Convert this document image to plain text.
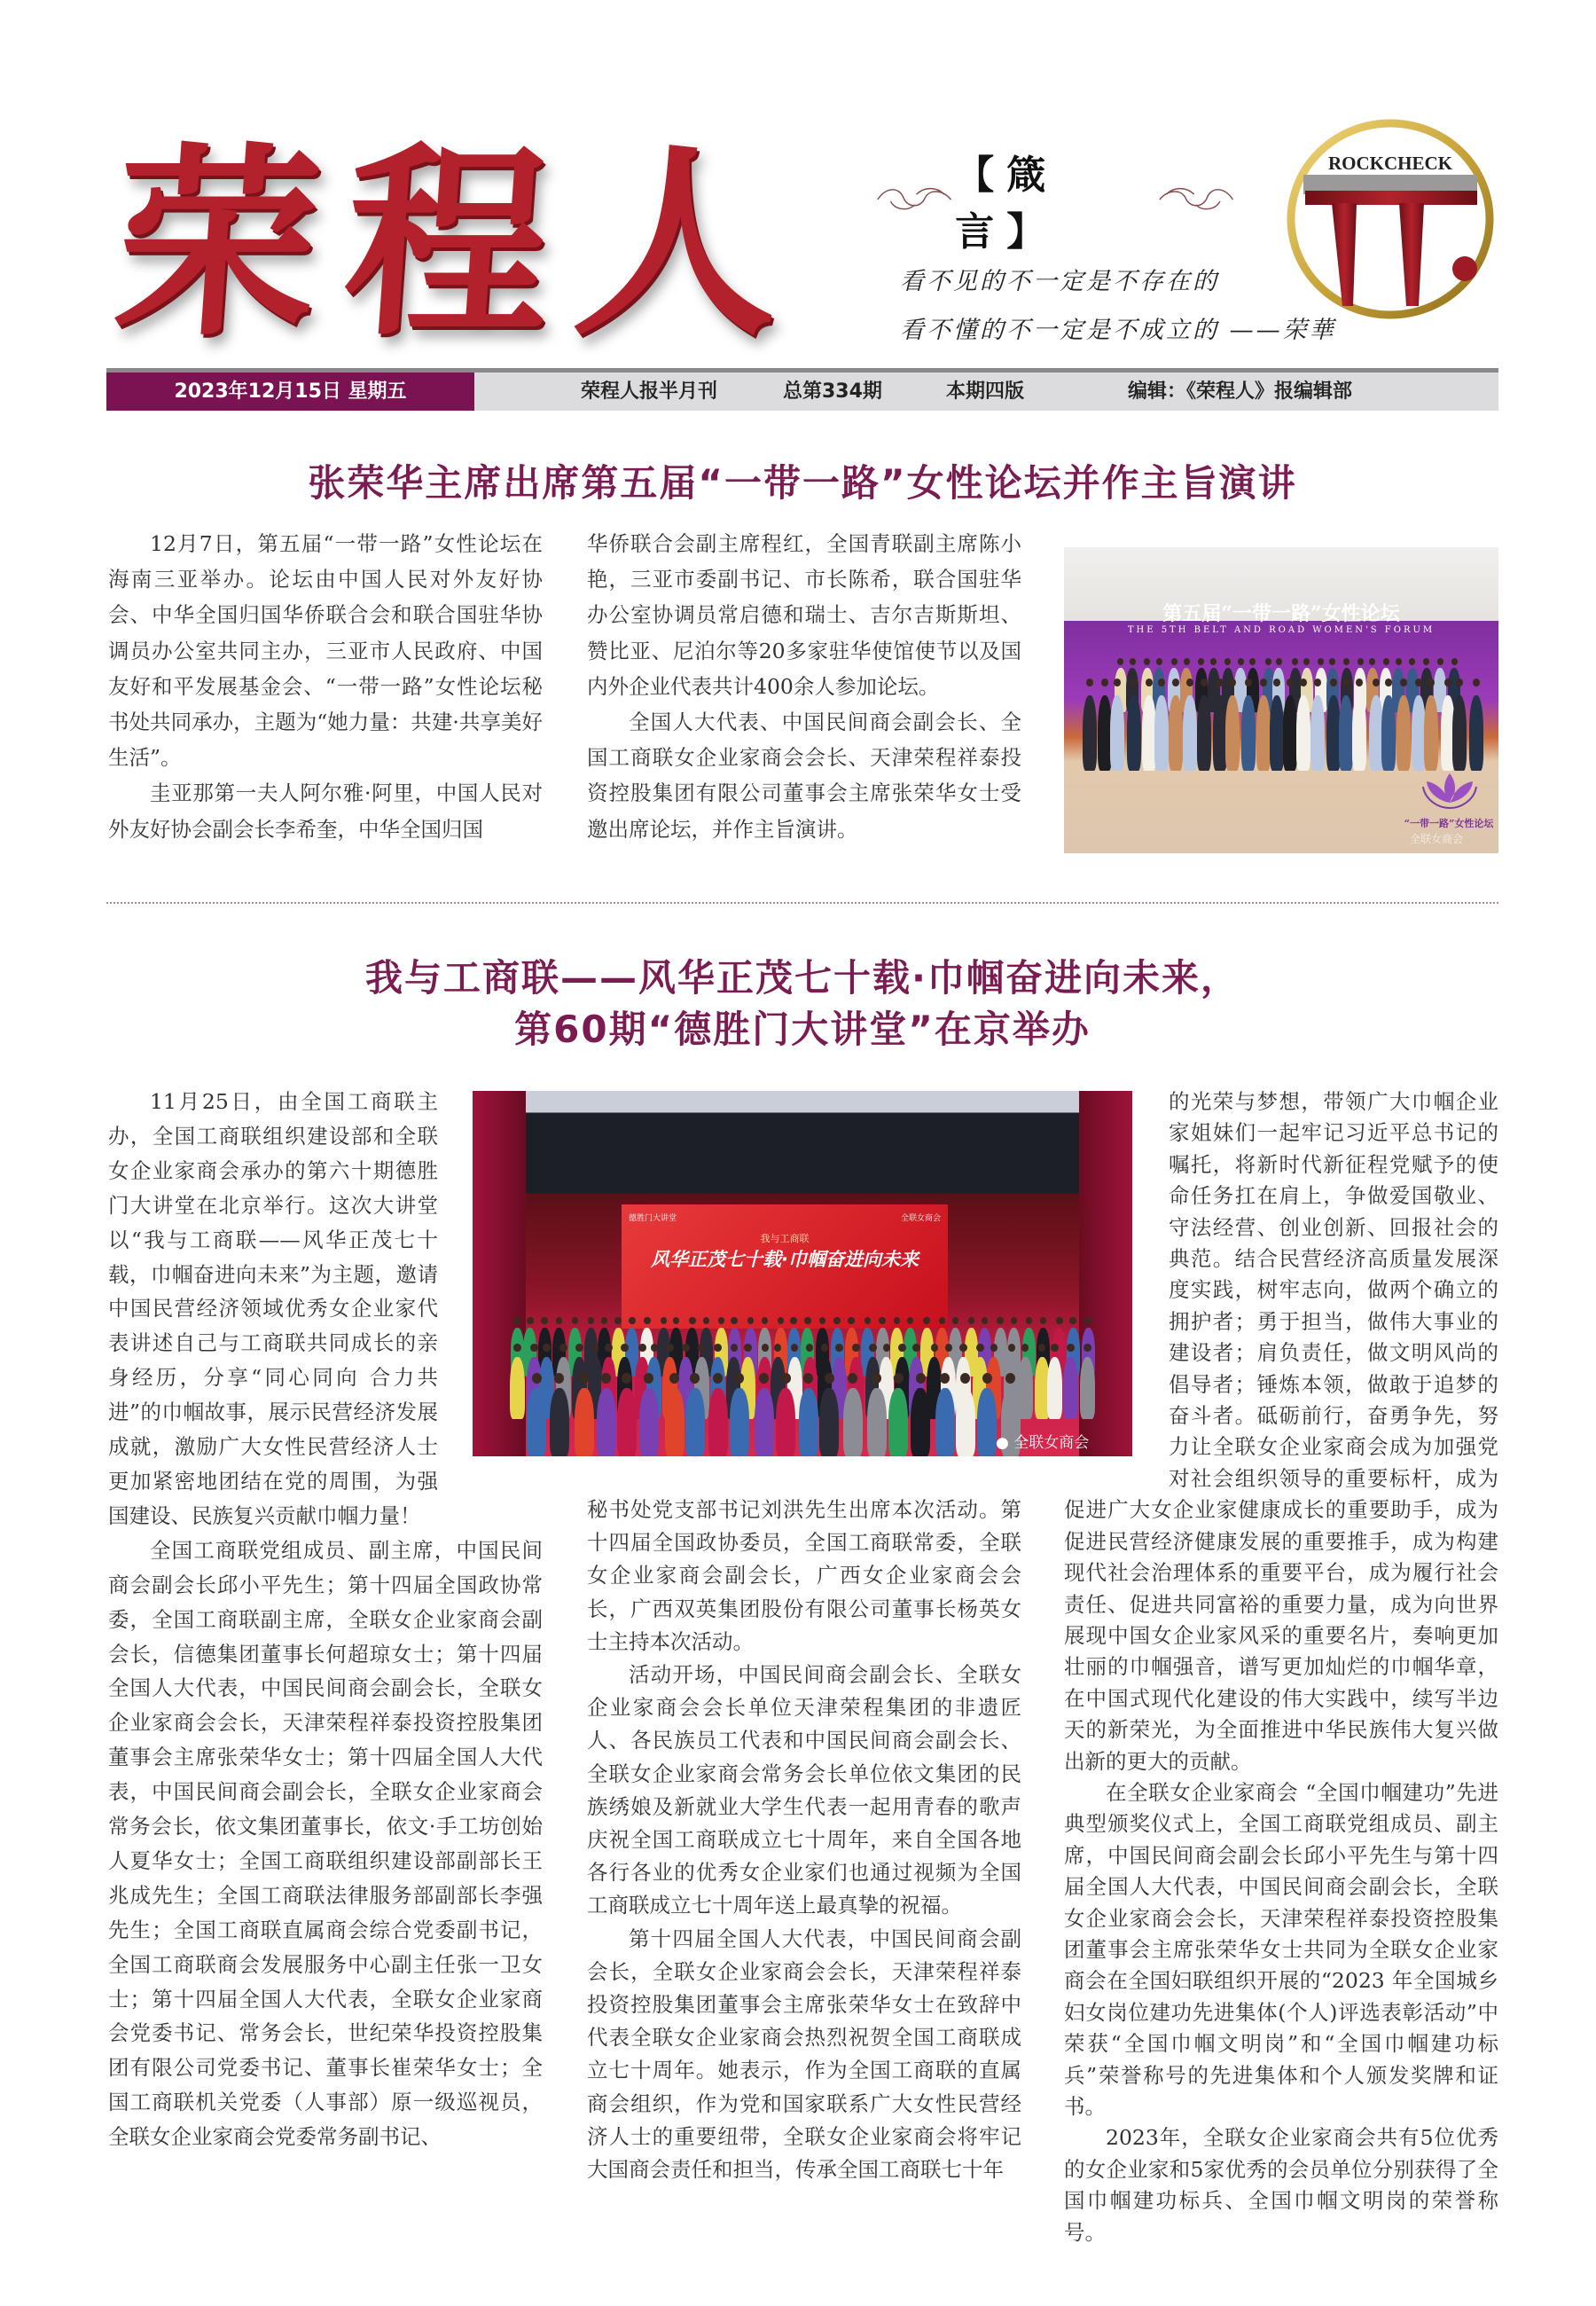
荣程人	【箴言】
看不见的不一定是不存在的
看不懂的不一定是不成立的 ——荣華
ROCKCHECK
2023年12月15日 星期五	荣程人报半月刊	总第334期	本期四版	编辑：《荣程人》报编辑部
张荣华主席出席第五届“一带一路”女性论坛并作主旨演讲

12月7日，第五届“一带一路”女性论坛在海南三亚举办。论坛由中国人民对外友好协会、中华全国归国华侨联合会和联合国驻华协调员办公室共同主办，三亚市人民政府、中国友好和平发展基金会、“一带一路”女性论坛秘书处共同承办，主题为“她力量：共建·共享美好生活”。

圭亚那第一夫人阿尔雅·阿里，中国人民对外友好协会副会长李希奎，中华全国归国

华侨联合会副主席程红，全国青联副主席陈小艳，三亚市委副书记、市长陈希，联合国驻华办公室协调员常启德和瑞士、吉尔吉斯斯坦、赞比亚、尼泊尔等20多家驻华使馆使节以及国内外企业代表共计400余人参加论坛。

全国人大代表、中国民间商会副会长、全国工商联女企业家商会会长、天津荣程祥泰投资控股集团有限公司董事会主席张荣华女士受邀出席论坛，并作主旨演讲。

第五届“一带一路”女性论坛
THE 5TH BELT AND ROAD WOMEN'S FORUM
“一带一路”女性论坛
全联女商会
我与工商联——风华正茂七十载·巾帼奋进向未来，
第60期“德胜门大讲堂”在京举办

11月25日，由全国工商联主办，全国工商联组织建设部和全联女企业家商会承办的第六十期德胜门大讲堂在北京举行。这次大讲堂以“我与工商联——风华正茂七十载，巾帼奋进向未来”为主题，邀请中国民营经济领域优秀女企业家代表讲述自己与工商联共同成长的亲身经历，分享“同心同向 合力共进”的巾帼故事，展示民营经济发展成就，激励广大女性民营经济人士更加紧密地团结在党的周围，为强国建设、民族复兴贡献巾帼力量！

全国工商联党组成员、副主席，中国民间商会副会长邱小平先生；第十四届全国政协常委，全国工商联副主席，全联女企业家商会副会长，信德集团董事长何超琼女士；第十四届全国人大代表，中国民间商会副会长，全联女企业家商会会长，天津荣程祥泰投资控股集团董事会主席张荣华女士；第十四届全国人大代表，中国民间商会副会长，全联女企业家商会常务会长，依文集团董事长，依文·手工坊创始人夏华女士；全国工商联组织建设部副部长王兆成先生；全国工商联法律服务部副部长李强先生；全国工商联直属商会综合党委副书记，全国工商联商会发展服务中心副主任张一卫女士；第十四届全国人大代表，全联女企业家商会党委书记、常务会长，世纪荣华投资控股集团有限公司党委书记、董事长崔荣华女士；全国工商联机关党委（人事部）原一级巡视员，全联女企业家商会党委常务副书记、

秘书处党支部书记刘洪先生出席本次活动。第十四届全国政协委员，全国工商联常委，全联女企业家商会副会长，广西女企业家商会会长，广西双英集团股份有限公司董事长杨英女士主持本次活动。

活动开场，中国民间商会副会长、全联女企业家商会会长单位天津荣程集团的非遗匠人、各民族员工代表和中国民间商会副会长、全联女企业家商会常务会长单位依文集团的民族绣娘及新就业大学生代表一起用青春的歌声庆祝全国工商联成立七十周年，来自全国各地各行各业的优秀女企业家们也通过视频为全国工商联成立七十周年送上最真挚的祝福。

第十四届全国人大代表，中国民间商会副会长，全联女企业家商会会长，天津荣程祥泰投资控股集团董事会主席张荣华女士在致辞中代表全联女企业家商会热烈祝贺全国工商联成立七十周年。她表示，作为全国工商联的直属商会组织，作为党和国家联系广大女性民营经济人士的重要纽带，全联女企业家商会将牢记大国商会责任和担当，传承全国工商联七十年

的光荣与梦想，带领广大巾帼企业家姐妹们一起牢记习近平总书记的嘱托，将新时代新征程党赋予的使命任务扛在肩上，争做爱国敬业、守法经营、创业创新、回报社会的典范。结合民营经济高质量发展深度实践，树牢志向，做两个确立的拥护者；勇于担当，做伟大事业的建设者；肩负责任，做文明风尚的倡导者；锤炼本领，做敢于追梦的奋斗者。砥砺前行，奋勇争先，努力让全联女企业家商会成为加强党对社会组织领导的重要标杆，成为促进广大女企业家健康成长的重要助手，成为促进民营经济健康发展的重要推手，成为构建现代社会治理体系的重要平台，成为履行社会责任、促进共同富裕的重要力量，成为向世界展现中国女企业家风采的重要名片，奏响更加壮丽的巾帼强音，谱写更加灿烂的巾帼华章，在中国式现代化建设的伟大实践中，续写半边天的新荣光，为全面推进中华民族伟大复兴做出新的更大的贡献。

在全联女企业家商会 “全国巾帼建功”先进典型颁奖仪式上，全国工商联党组成员、副主席，中国民间商会副会长邱小平先生与第十四届全国人大代表，中国民间商会副会长，全联女企业家商会会长，天津荣程祥泰投资控股集团董事会主席张荣华女士共同为全联女企业家商会在全国妇联组织开展的“2023 年全国城乡妇女岗位建功先进集体(个人)评选表彰活动”中荣获“全国巾帼文明岗”和“全国巾帼建功标兵”荣誉称号的先进集体和个人颁发奖牌和证书。

2023年，全联女企业家商会共有5位优秀的女企业家和5家优秀的会员单位分别获得了全国巾帼建功标兵、全国巾帼文明岗的荣誉称号。

德胜门大讲堂	全联女商会
我与工商联
风华正茂七十载·巾帼奋进向未来
● 全联女商会
